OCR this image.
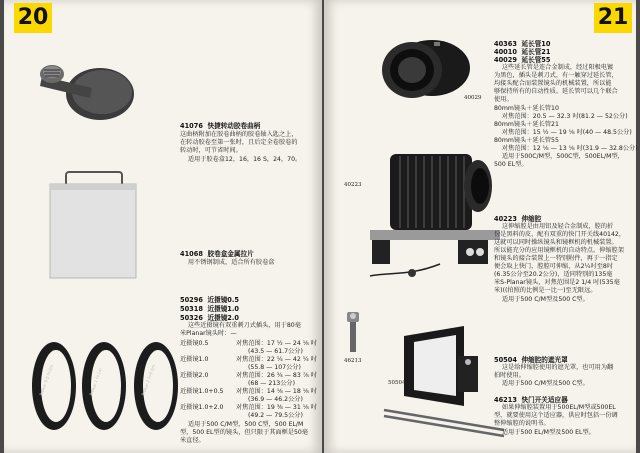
20
41076  快捷转动胶卷曲柄
这曲柄附加在胶卷曲柄的胶卷轴入匙之上，
在转动胶卷至第一张时，且后定全卷胶卷的
转动时，可节省时间。
适用于胶卷盒12，16，16 S，24，70。
41068  胶卷盒金属拉片
用不锈钢制成，适合所有胶卷盒
50296  近摄镜0.5
50318  近摄镜1.0
50326  近摄镜2.0
这些近摄镜有双重刺刀式插头，用于80毫
米Planar镜头时：—
近摄镜0.5	对焦范围：17 ½ — 24 ⅛ 吋
(43.5 — 61.7公分)
近摄镜1.0	对焦范围：22 ¼ — 42 ¼ 吋
(55.8 — 107公分)
近摄镜2.0	对焦范围：26 ¾ — 83 ⅞ 吋
(68 — 213公分)
近摄镜1.0+0.5 对焦范围：14 ⅛ — 18 ⅛ 吋
(36.9 — 46.2公分)
近摄镜1.0+2.0 对焦范围：19 ⅜ — 31 ⅛ 吋
(49.2 — 79.5公分)
适用于500 C/M型，500 C型，500 EL/M
型，500 EL型的镜头，但只限于其面框是50毫
米直径。
Proxar 0.5 f=2m	Proxar 1 f=1m	Proxar 2 f=0.5m
21
40029
40363  延长管10
40010  延长管21
40029  延长管55
这些延长管是连合金制成，经过阳极电镀
为黑色，插头是刺刀式，有一触穿过延长管，
均接头配合而装置镜头的机械装置，所以能
够保持所有的自动性质。延长管可以几个联合
使用。
80mm镜头＋延长管10
对焦范围：20.5 — 32.3 吋(81.2 — 52公分)
80mm镜头＋延长管21
对焦范围：15 ½ — 19 ⅛ 吋(40 — 48.5公分)
80mm镜头＋延长管55
对焦范围：12 ⅛ — 13 ⅛ 吋(31.9 — 32.8公分)
适用于500C/M型，500C型，500EL/M型，
500 EL型。
40223
40223  伸缩腔
这伸缩腔是由用铝及轻合金制成，腔的折
份是黑料的皮，配有双重的快门开关线40142，
这就可以同时操纵镜头和镜框机的机械装置。
所以能充分的应用镜框机的自动特点。伸缩腔架
和镜头的接合装置上一特别附件，再于一指定
便会取上快门，腔腔可伸缩，从2¼吋至8吋
(6.35公分至20.2公分)，适同特别的135毫
米S-Planar镜头，对焦范围是2 1/4 吋(535毫
米)((拍照的比例是一比一)至无限远。
适用于500 C/M型及500 C型。
46213
50504
50504  伸缩腔的遮光罩
这是给伸缩腔使用的遮光罩，也可用为翻
拍时使用。
适用于500 C/M型及500 C型。
46213  快门开关适应器
如果伸缩腔装置用于500EL/M型或500EL
型，就要使用这个适应器，供应时包括一份调
整伸缩腔的说明书。
适用于500 EL/M型及500 EL型。
